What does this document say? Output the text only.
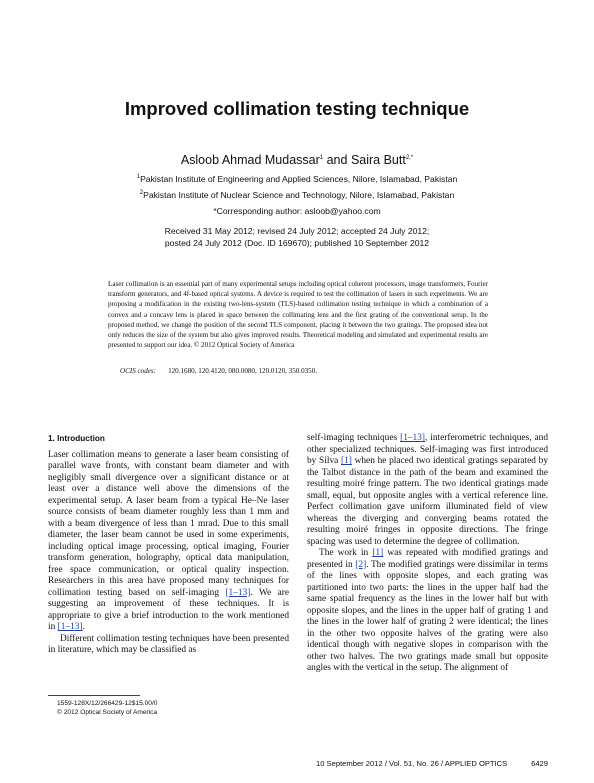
Improved collimation testing technique
Asloob Ahmad Mudassar$^1$ and Saira Butt$^{2,*}$
$^1$Pakistan Institute of Engineering and Applied Sciences, Nilore, Islamabad, Pakistan
$^2$Pakistan Institute of Nuclear Science and Technology, Nilore, Islamabad, Pakistan
*Corresponding author: asloob@yahoo.com
Received 31 May 2012; revised 24 July 2012; accepted 24 July 2012;
posted 24 July 2012 (Doc. ID 169670); published 10 September 2012
Laser collimation is an essential part of many experimental setups including optical coherent processors, image transformers, Fourier transform generators, and 4f-based optical systems. A device is required to test the collimation of lasers in such experiments. We are proposing a modification in the existing two-lens-system (TLS)-based collimation testing technique in which a combination of a convex and a concave lens is placed in space between the collimating lens and the first grating of the conventional setup. In the proposed method, we change the position of the second TLS component, placing it between the two gratings. The proposed idea not only reduces the size of the system but also gives improved results. Theoretical modeling and simulated and experimental results are presented to support our idea. © 2012 Optical Society of America
OCIS codes: 120.1680, 120.4120, 080.0080, 120.0120, 350.0350.
1. Introduction

Laser collimation means to generate a laser beam consisting of parallel wave fronts, with constant beam diameter and with negligibly small divergence over a significant distance or at least over a distance well above the dimensions of the experimental setup. A laser beam from a typical He–Ne laser source consists of beam diameter roughly less than 1 mm and with a beam divergence of less than 1 mrad. Due to this small diameter, the laser beam cannot be used in some experiments, including optical image processing, optical imaging, Fourier transform generation, holography, optical data manipulation, free space communication, or optical quality inspection. Researchers in this area have proposed many techniques for collimation testing based on self-imaging [1–13]. We are suggesting an improvement of these techniques. It is appropriate to give a brief introduction to the work mentioned in [1–13].

Different collimation testing techniques have been presented in literature, which may be classified as

self-imaging techniques [1–13], interferometric techniques, and other specialized techniques. Self-imaging was first introduced by Silva [1] when he placed two identical gratings separated by the Talbot distance in the path of the beam and examined the resulting moiré fringe pattern. The two identical gratings made small, equal, but opposite angles with a vertical reference line. Perfect collimation gave uniform illuminated field of view whereas the diverging and converging beams rotated the resulting moiré fringes in opposite directions. The fringe spacing was used to determine the degree of collimation.

The work in [1] was repeated with modified gratings and presented in [2]. The modified gratings were dissimilar in terms of the lines with opposite slopes, and each grating was partitioned into two parts: the lines in the upper half had the same spatial frequency as the lines in the lower half but with opposite slopes, and the lines in the upper half of grating 1 and the lines in the lower half of grating 2 were identical; the lines in the other two opposite halves of the grating were also identical though with negative slopes in comparison with the other two halves. The two gratings made small but opposite angles with the vertical in the setup. The alignment of

1559-128X/12/266429-12$15.00/0
© 2012 Optical Society of America
10 September 2012 / Vol. 51, No. 26 / APPLIED OPTICS	6429
